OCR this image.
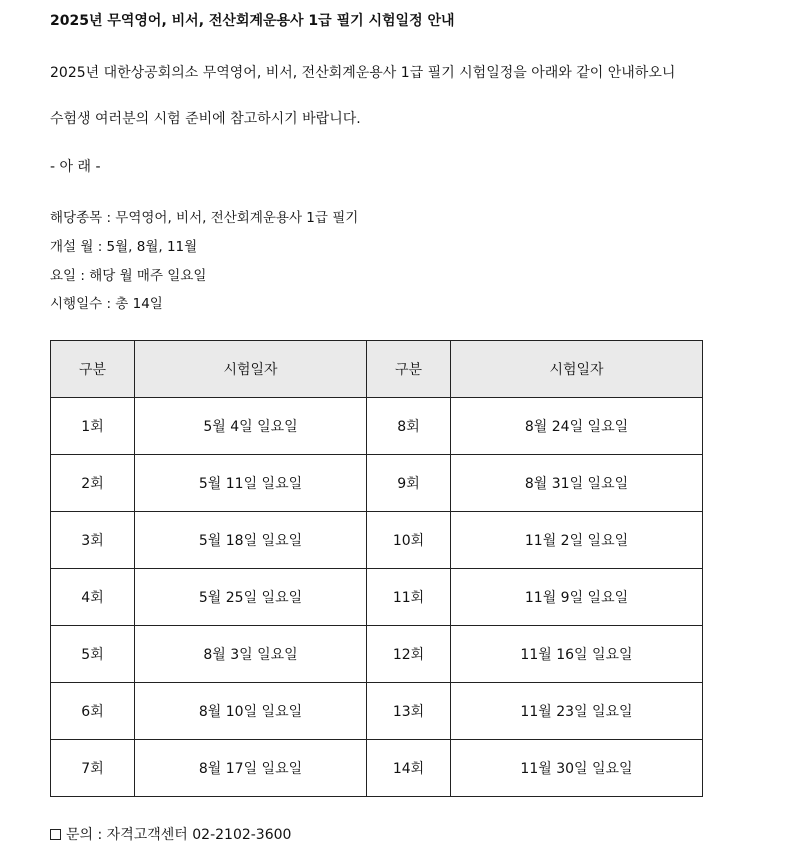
2025년 무역영어, 비서, 전산회계운용사 1급 필기 시험일정 안내
2025년 대한상공회의소 무역영어, 비서, 전산회계운용사 1급 필기 시험일정을 아래와 같이 안내하오니
수험생 여러분의 시험 준비에 참고하시기 바랍니다.
- 아 래 -
해당종목 : 무역영어, 비서, 전산회계운용사 1급 필기
개설 월 : 5월, 8월, 11월
요일 : 해당 월 매주 일요일
시행일수 : 총 14일
구분	시험일자	구분	시험일자
1회	5월 4일 일요일	8회	8월 24일 일요일
2회	5월 11일 일요일	9회	8월 31일 일요일
3회	5월 18일 일요일	10회	11월 2일 일요일
4회	5월 25일 일요일	11회	11월 9일 일요일
5회	8월 3일 일요일	12회	11월 16일 일요일
6회	8월 10일 일요일	13회	11월 23일 일요일
7회	8월 17일 일요일	14회	11월 30일 일요일
문의 : 자격고객센터 02-2102-3600
